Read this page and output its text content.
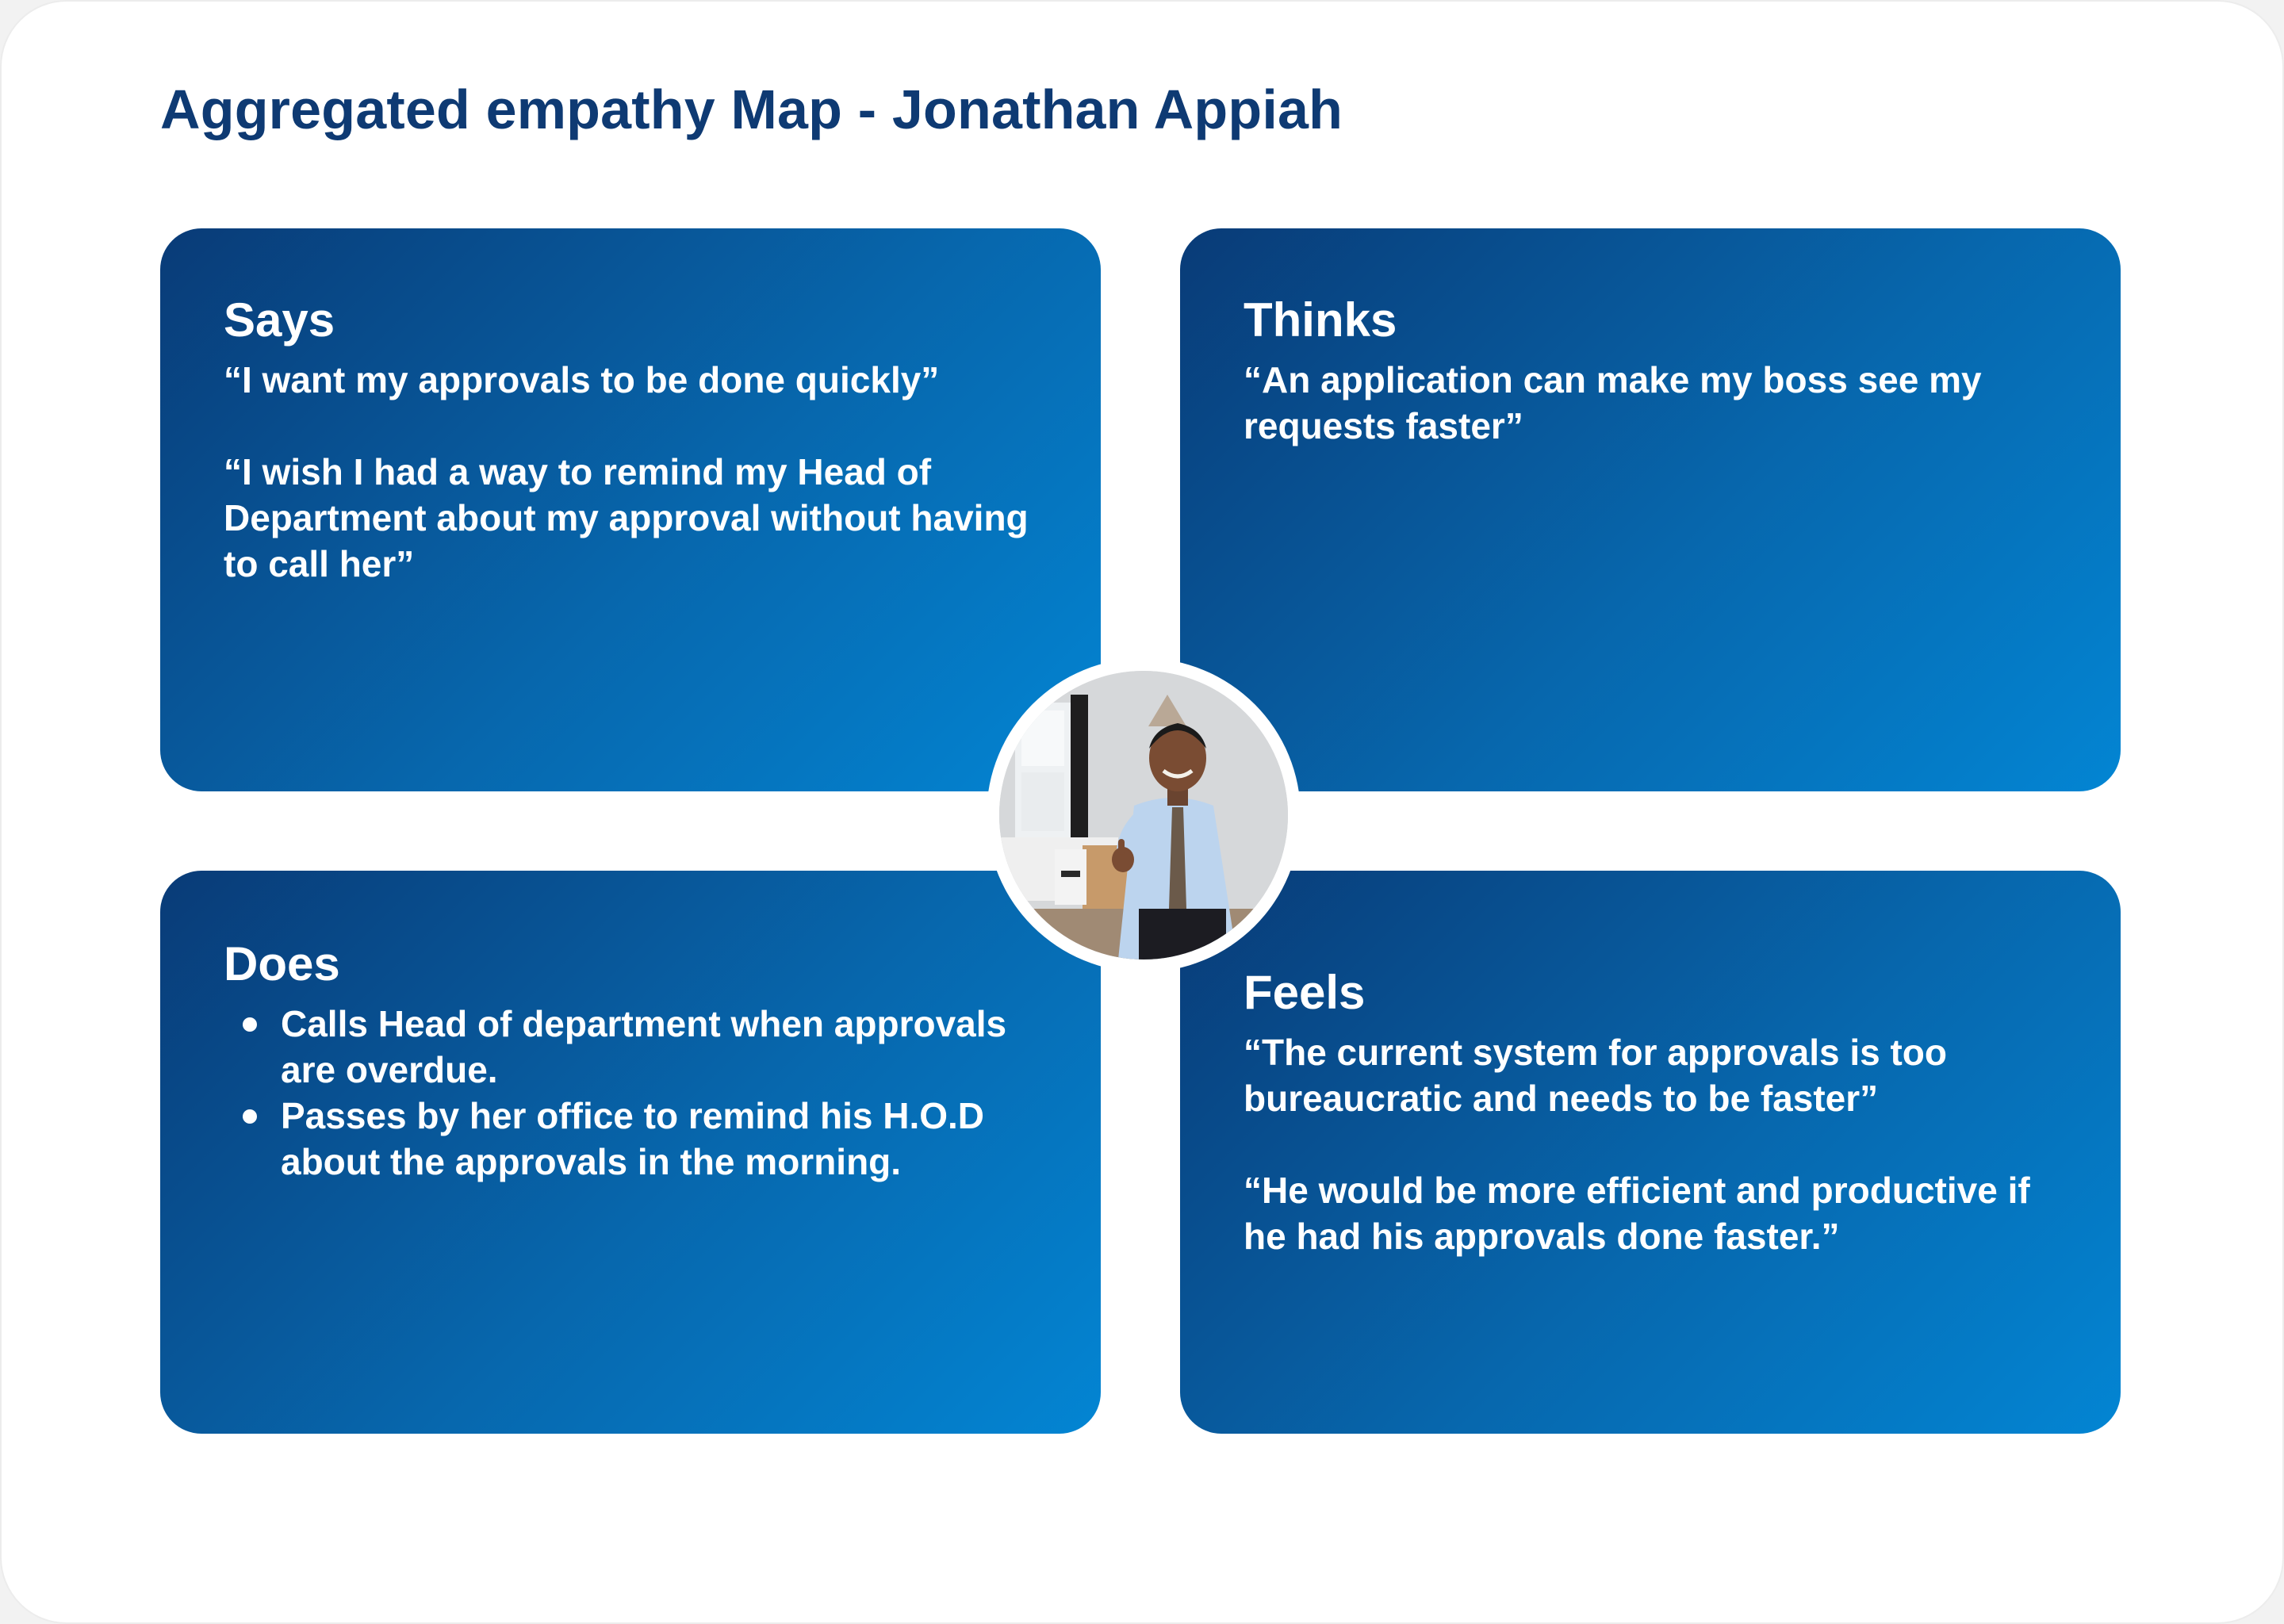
Aggregated empathy Map - Jonathan Appiah
Says

“I want my approvals to be done quickly”

“I wish I had a way to remind my Head of Department about my approval without having to call her”

Thinks

“An application can make my boss see my requests faster”

Does
Calls Head of department when approvals are overdue.
Passes by her office to remind his H.O.D about the approvals in the morning.
Feels

“The current system for approvals is too bureaucratic and needs to be faster”

“He would be more efficient and productive if he had his approvals done faster.”
